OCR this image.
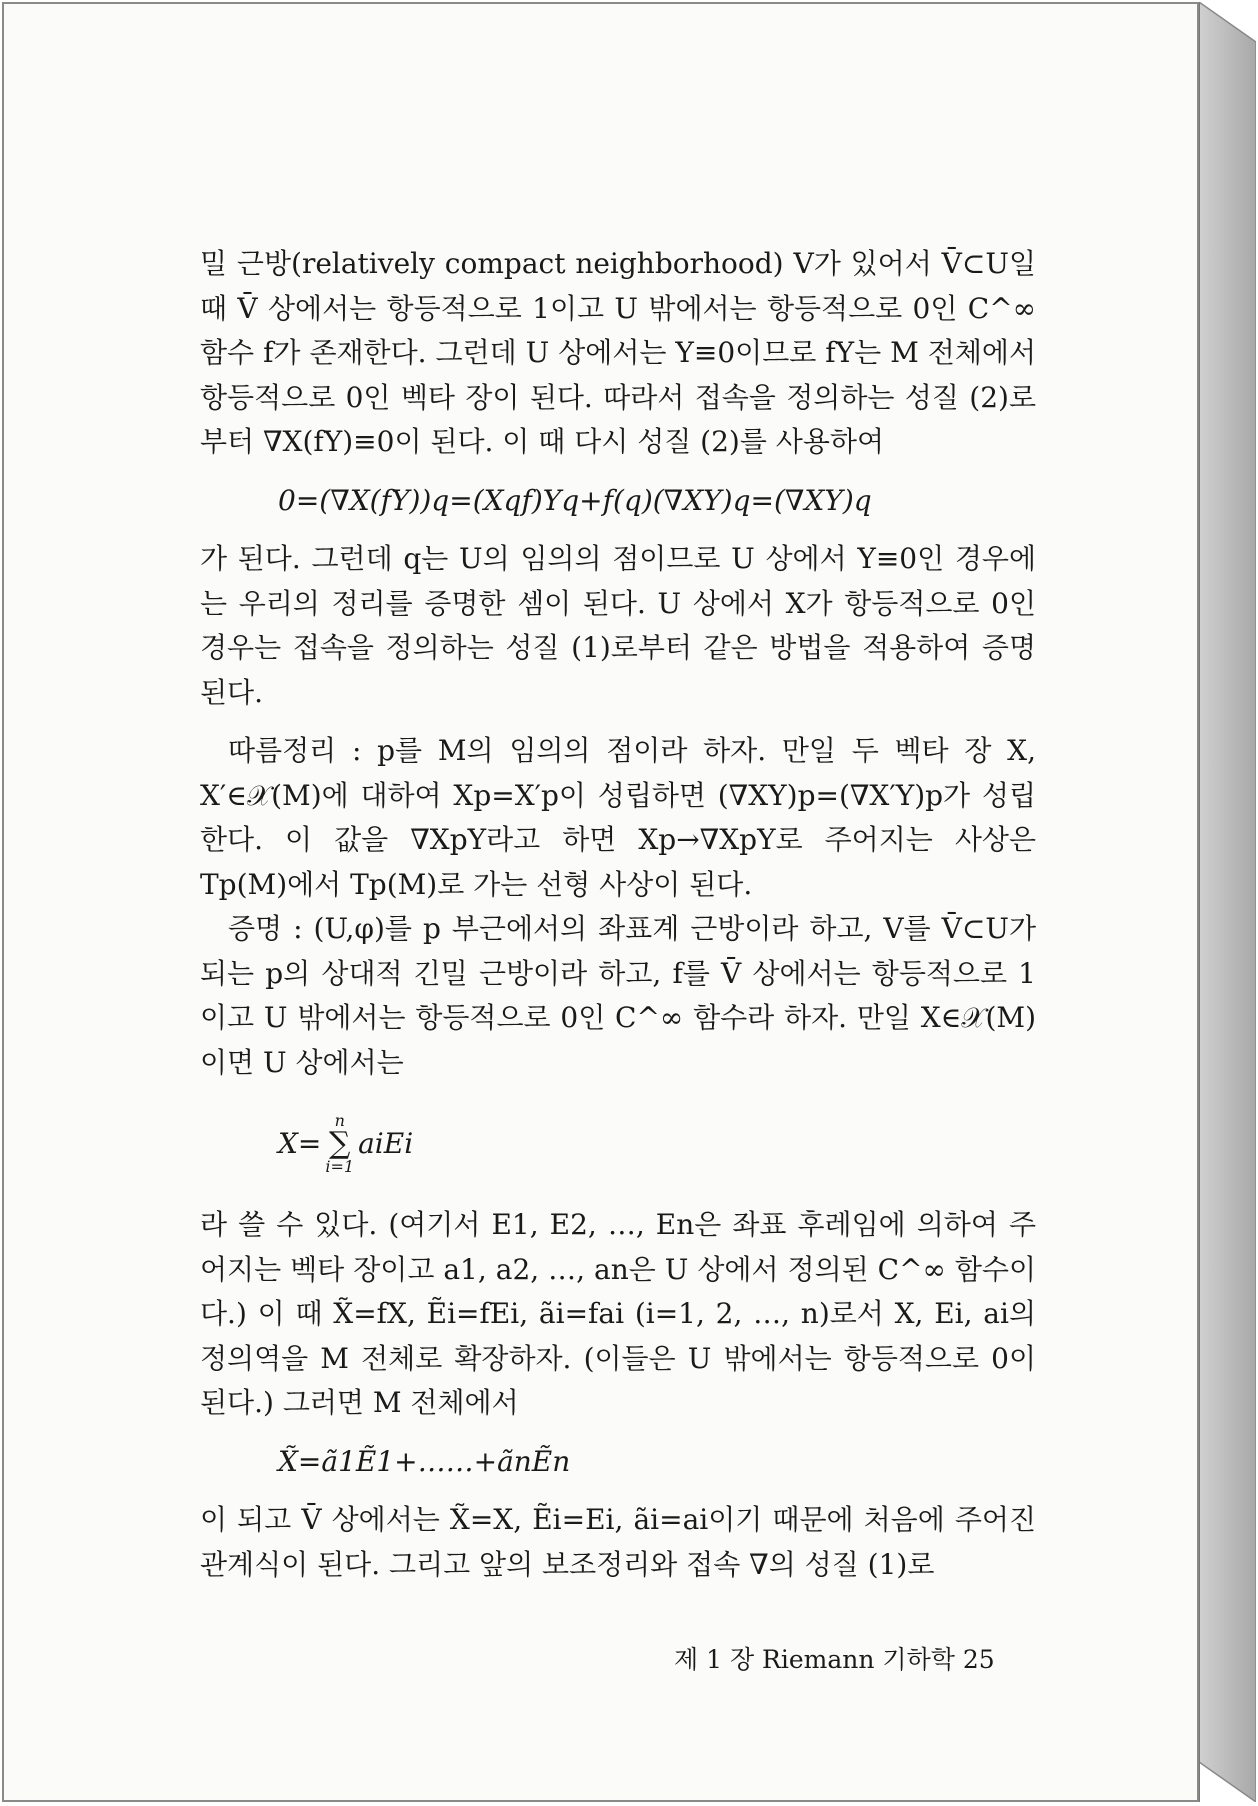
밀 근방(relatively compact neighborhood) V가 있어서 V̄⊂U일 때 V̄ 상에서는 항등적으로 1이고 U 밖에서는 항등적으로 0인 C^∞ 함수 f가 존재한다. 그런데 U 상에서는 Y≡0이므로 fY는 M 전체에서 항등적으로 0인 벡타 장이 된다. 따라서 접속을 정의하는 성질 (2)로부터 ∇X(fY)≡0이 된다. 이 때 다시 성질 (2)를 사용하여

0=(∇X(fY))q=(Xqf)Yq+f(q)(∇XY)q=(∇XY)q

가 된다. 그런데 q는 U의 임의의 점이므로 U 상에서 Y≡0인 경우에는 우리의 정리를 증명한 셈이 된다. U 상에서 X가 항등적으로 0인 경우는 접속을 정의하는 성질 (1)로부터 같은 방법을 적용하여 증명된다.

따름정리 : p를 M의 임의의 점이라 하자. 만일 두 벡타 장 X, X′∈𝒳(M)에 대하여 Xp=X′p이 성립하면 (∇XY)p=(∇X′Y)p가 성립한다. 이 값을 ∇XpY라고 하면 Xp→∇XpY로 주어지는 사상은 Tp(M)에서 Tp(M)로 가는 선형 사상이 된다.

증명 : (U,φ)를 p 부근에서의 좌표계 근방이라 하고, V를 V̄⊂U가 되는 p의 상대적 긴밀 근방이라 하고, f를 V̄ 상에서는 항등적으로 1이고 U 밖에서는 항등적으로 0인 C^∞ 함수라 하자. 만일 X∈𝒳(M)이면 U 상에서는

X=
n
∑
i=1
aiEi

라 쓸 수 있다. (여기서 E1, E2, …, En은 좌표 후레임에 의하여 주어지는 벡타 장이고 a1, a2, …, an은 U 상에서 정의된 C^∞ 함수이다.) 이 때 X̃=fX, Ẽi=fEi, ãi=fai (i=1, 2, …, n)로서 X, Ei, ai의 정의역을 M 전체로 확장하자. (이들은 U 밖에서는 항등적으로 0이 된다.) 그러면 M 전체에서

X̃=ã1Ẽ1+……+ãnẼn

이 되고 V̄ 상에서는 X̃=X, Ẽi=Ei, ãi=ai이기 때문에 처음에 주어진 관계식이 된다. 그리고 앞의 보조정리와 접속 ∇의 성질 (1)로

제 1 장 Riemann 기하학 25
